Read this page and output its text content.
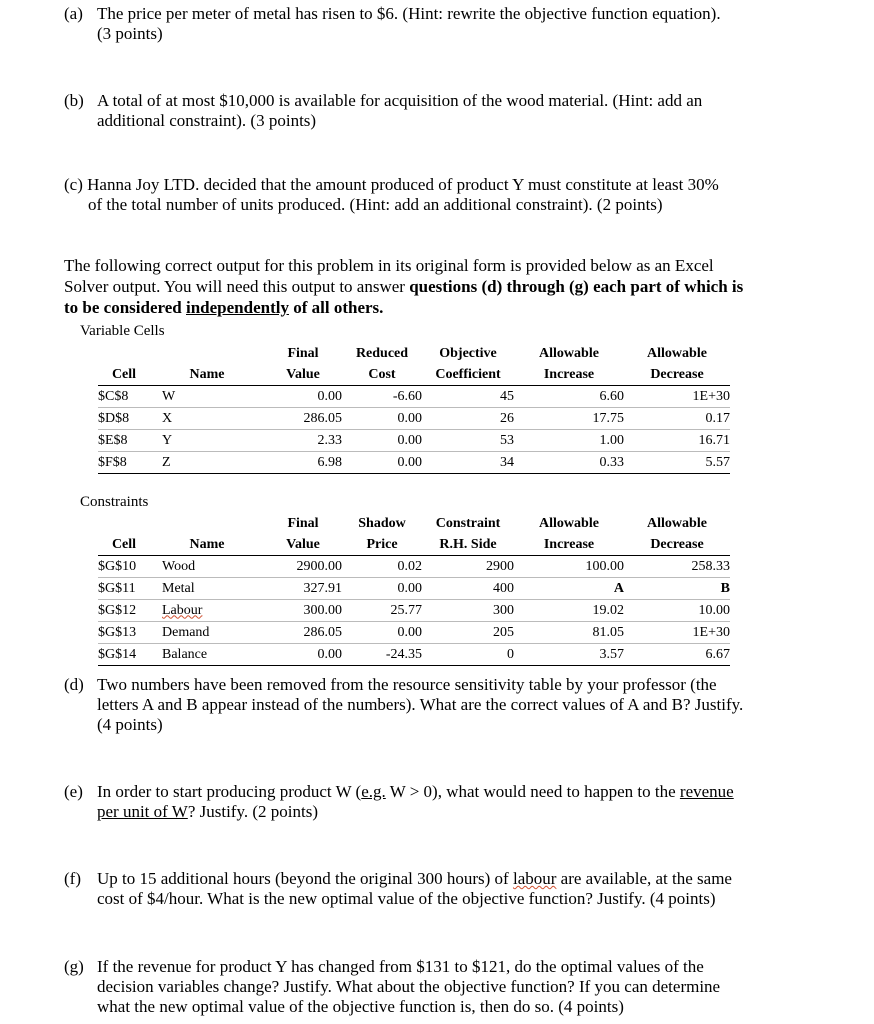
(a) The price per meter of metal has risen to $6. (Hint: rewrite the objective function equation).
(3 points)
(b) A total of at most $10,000 is available for acquisition of the wood material. (Hint: add an
additional constraint). (3 points)
(c) Hanna Joy LTD. decided that the amount produced of product Y must constitute at least 30%
of the total number of units produced. (Hint: add an additional constraint). (2 points)
The following correct output for this problem in its original form is provided below as an Excel
Solver output. You will need this output to answer questions (d) through (g) each part of which is
to be considered independently of all others.
Variable Cells
		Final	Reduced	Objective	Allowable	Allowable
Cell	Name	Value	Cost	Coefficient	Increase	Decrease
$C$8	W	0.00	-6.60	45	6.60	1E+30
$D$8	X	286.05	0.00	26	17.75	0.17
$E$8	Y	2.33	0.00	53	1.00	16.71
$F$8	Z	6.98	0.00	34	0.33	5.57
Constraints
		Final	Shadow	Constraint	Allowable	Allowable
Cell	Name	Value	Price	R.H. Side	Increase	Decrease
$G$10	Wood	2900.00	0.02	2900	100.00	258.33
$G$11	Metal	327.91	0.00	400	A	B
$G$12	Labour	300.00	25.77	300	19.02	10.00
$G$13	Demand	286.05	0.00	205	81.05	1E+30
$G$14	Balance	0.00	-24.35	0	3.57	6.67
(d) Two numbers have been removed from the resource sensitivity table by your professor (the
letters A and B appear instead of the numbers). What are the correct values of A and B? Justify.
(4 points)
(e) In order to start producing product W (e.g. W > 0), what would need to happen to the revenue
per unit of W? Justify. (2 points)
(f) Up to 15 additional hours (beyond the original 300 hours) of labour are available, at the same
cost of $4/hour. What is the new optimal value of the objective function? Justify. (4 points)
(g) If the revenue for product Y has changed from $131 to $121, do the optimal values of the
decision variables change? Justify. What about the objective function? If you can determine
what the new optimal value of the objective function is, then do so. (4 points)
